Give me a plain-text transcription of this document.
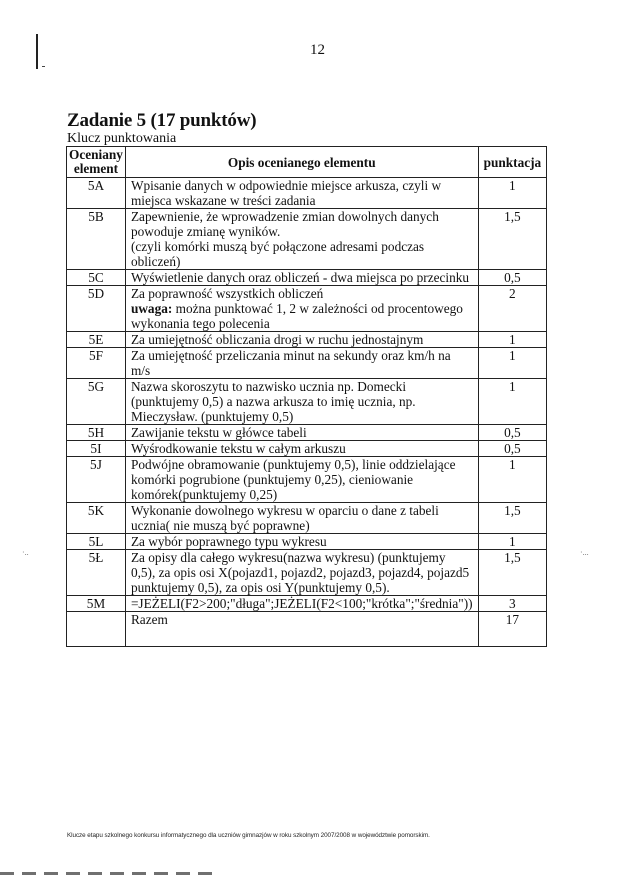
12
Zadanie 5 (17 punktów)
Klucz punktowania
Oceniany element	Opis ocenianego elementu	punktacja
5A	Wpisanie danych w odpowiednie miejsce arkusza, czyli w miejsca wskazane w treści zadania	1
5B	Zapewnienie, że wprowadzenie zmian dowolnych danych powoduje zmianę wyników.
(czyli komórki muszą być połączone adresami podczas obliczeń)	1,5
5C	Wyświetlenie danych oraz obliczeń - dwa miejsca po przecinku	0,5
5D	Za poprawność wszystkich obliczeń
uwaga: można punktować 1, 2 w zależności od procentowego wykonania tego polecenia	2
5E	Za umiejętność obliczania drogi w ruchu jednostajnym	1
5F	Za umiejętność przeliczania minut na sekundy oraz km/h na m/s	1
5G	Nazwa skoroszytu to nazwisko ucznia np. Domecki (punktujemy 0,5) a nazwa arkusza to imię ucznia, np. Mieczysław. (punktujemy 0,5)	1
5H	Zawijanie tekstu w główce tabeli	0,5
5I	Wyśrodkowanie tekstu w całym arkuszu	0,5
5J	Podwójne obramowanie (punktujemy 0,5), linie oddzielające komórki pogrubione (punktujemy 0,25), cieniowanie komórek(punktujemy 0,25)	1
5K	Wykonanie dowolnego wykresu w oparciu o dane z tabeli ucznia( nie muszą być poprawne)	1,5
5L	Za wybór poprawnego typu wykresu	1
5Ł	Za opisy dla całego wykresu(nazwa wykresu) (punktujemy 0,5), za opis osi X(pojazd1, pojazd2, pojazd3, pojazd4, pojazd5 punktujemy 0,5), za opis osi Y(punktujemy 0,5).	1,5
5M	=JEŻELI(F2>200;"długa";JEŻELI(F2<100;"krótka";"średnia"))	3
	Razem	17
·..	·...
Klucze etapu szkolnego konkursu informatycznego dla uczniów gimnazjów w roku szkolnym 2007/2008 w województwie pomorskim.
